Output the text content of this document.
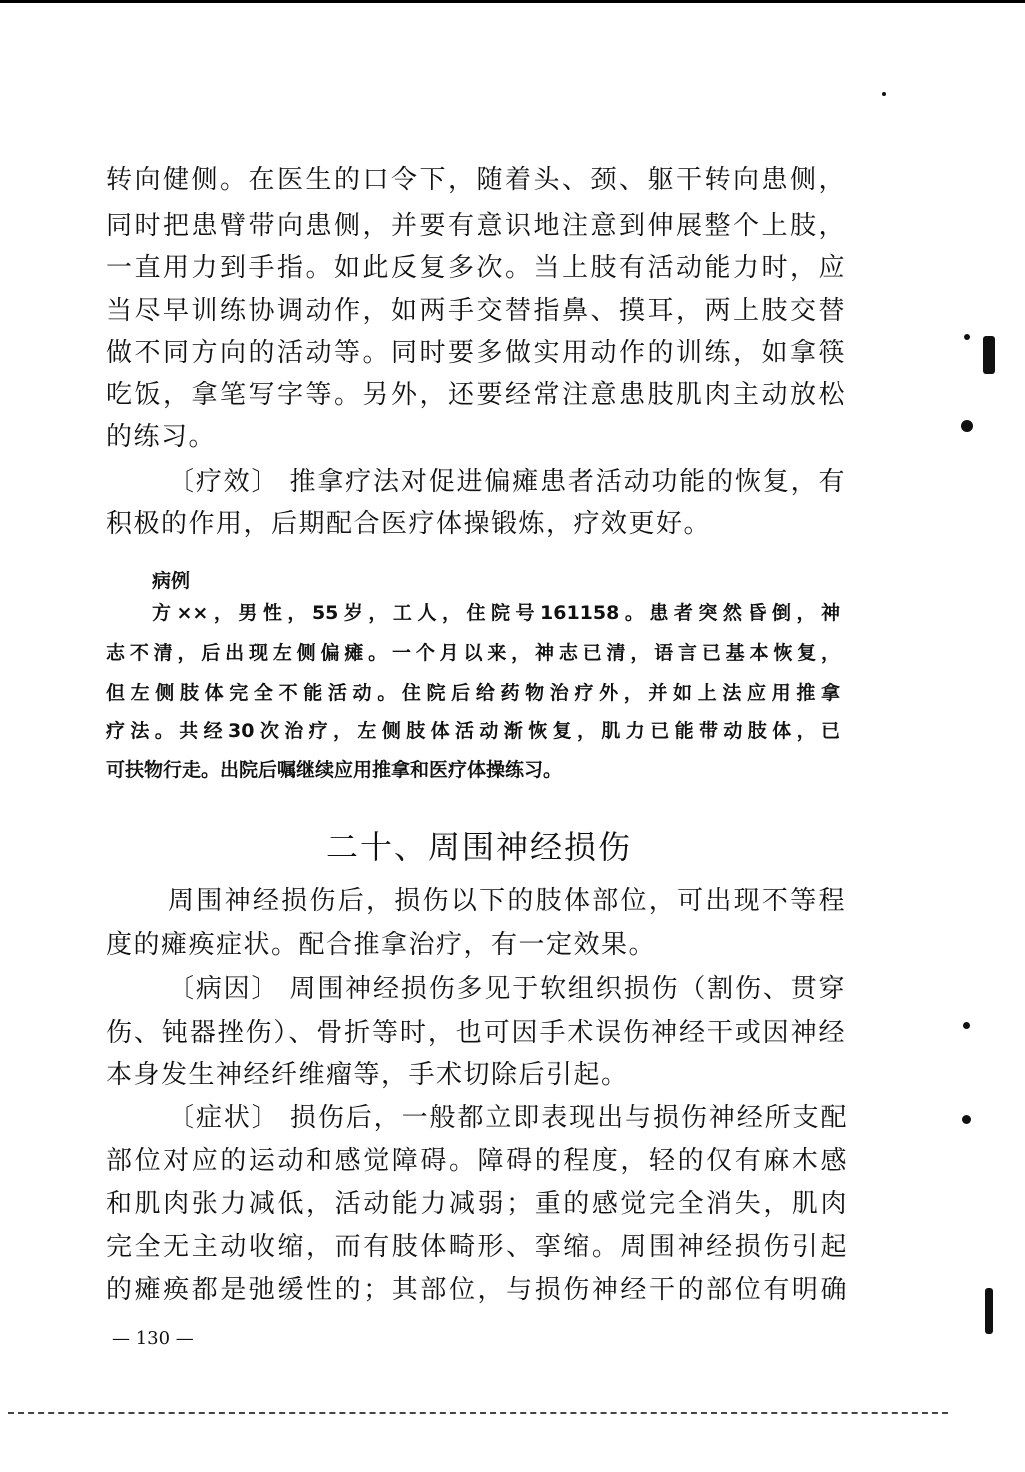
转向健侧。在医生的口令下，随着头、颈、躯干转向患侧，
同时把患臂带向患侧，并要有意识地注意到伸展整个上肢，
一直用力到手指。如此反复多次。当上肢有活动能力时，应
当尽早训练协调动作，如两手交替指鼻、摸耳，两上肢交替
做不同方向的活动等。同时要多做实用动作的训练，如拿筷
吃饭，拿笔写字等。另外，还要经常注意患肢肌肉主动放松
的练习。
〔疗效〕 推拿疗法对促进偏瘫患者活动功能的恢复，有
积极的作用，后期配合医疗体操锻炼，疗效更好。
病例
方××，男性，55岁，工人，住院号161158。患者突然昏倒，神
志不清，后出现左侧偏瘫。一个月以来，神志已清，语言已基本恢复，
但左侧肢体完全不能活动。住院后给药物治疗外，并如上法应用推拿
疗法。共经30次治疗，左侧肢体活动渐恢复，肌力已能带动肢体，已
可扶物行走。出院后嘱继续应用推拿和医疗体操练习。
二十、周围神经损伤
周围神经损伤后，损伤以下的肢体部位，可出现不等程
度的瘫痪症状。配合推拿治疗，有一定效果。
〔病因〕 周围神经损伤多见于软组织损伤（割伤、贯穿
伤、钝器挫伤）、骨折等时，也可因手术误伤神经干或因神经
本身发生神经纤维瘤等，手术切除后引起。
〔症状〕 损伤后，一般都立即表现出与损伤神经所支配
部位对应的运动和感觉障碍。障碍的程度，轻的仅有麻木感
和肌肉张力减低，活动能力减弱；重的感觉完全消失，肌肉
完全无主动收缩，而有肢体畸形、挛缩。周围神经损伤引起
的瘫痪都是弛缓性的；其部位，与损伤神经干的部位有明确
— 130 —
